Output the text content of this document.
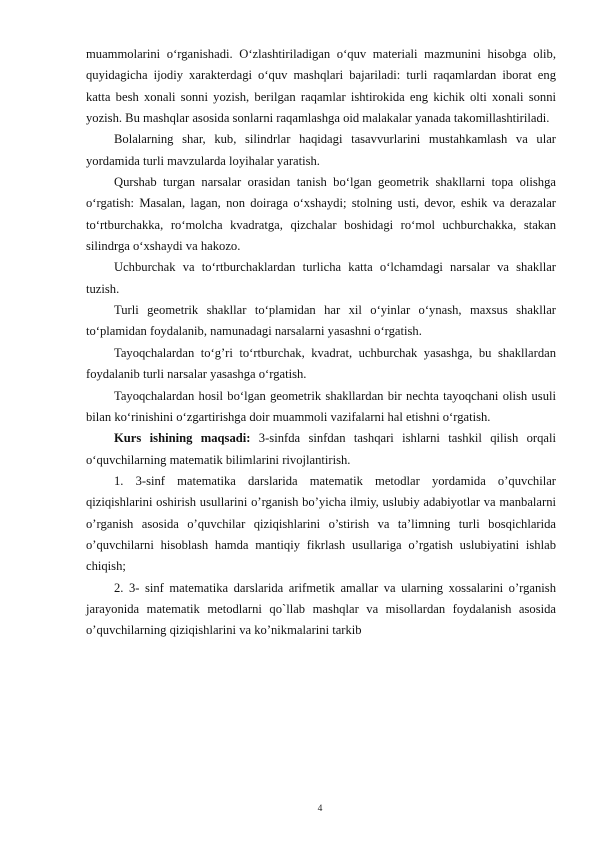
muammolarini o‘rganishadi. O‘zlashtiriladigan o‘quv materiali mazmunini hisobga olib, quyidagicha ijodiy xarakterdagi o‘quv mashqlari bajariladi: turli raqamlardan iborat eng katta besh xonali sonni yozish, berilgan raqamlar ishtirokida eng kichik olti xonali sonni yozish. Bu mashqlar asosida sonlarni raqamlashga oid malakalar yanada takomillashtiriladi.

Bolalarning shar, kub, silindrlar haqidagi tasavvurlarini mustahkamlash va ular yordamida turli mavzularda loyihalar yaratish.

Qurshab turgan narsalar orasidan tanish bo‘lgan geometrik shakllarni topa olishga o‘rgatish: Masalan, lagan, non doiraga o‘xshaydi; stolning usti, devor, eshik va derazalar to‘rtburchakka, ro‘molcha kvadratga, qizchalar boshidagi ro‘mol uchburchakka, stakan silindrga o‘xshaydi va hakozo.

Uchburchak va to‘rtburchaklardan turlicha katta o‘lchamdagi narsalar va shakllar tuzish.

Turli geometrik shakllar to‘plamidan har xil o‘yinlar o‘ynash, maxsus shakllar to‘plamidan foydalanib, namunadagi narsalarni yasashni o‘rgatish.

Tayoqchalardan to‘g’ri to‘rtburchak, kvadrat, uchburchak yasashga, bu shakllardan foydalanib turli narsalar yasashga o‘rgatish.

Tayoqchalardan hosil bo‘lgan geometrik shakllardan bir nechta tayoqchani olish usuli bilan ko‘rinishini o‘zgartirishga doir muammoli vazifalarni hal etishni o‘rgatish.

Kurs ishining maqsadi: 3-sinfda sinfdan tashqari ishlarni tashkil qilish orqali o‘quvchilarning matematik bilimlarini rivojlantirish.

1. 3-sinf matematika darslarida matematik metodlar yordamida o’quvchilar qiziqishlarini oshirish usullarini o’rganish bo’yicha ilmiy, uslubiy adabiyotlar va manbalarni o’rganish asosida o’quvchilar qiziqishlarini o’stirish va ta’limning turli bosqichlarida o’quvchilarni hisoblash hamda mantiqiy fikrlash usullariga o’rgatish uslubiyatini ishlab chiqish;

2. 3- sinf matematika darslarida arifmetik amallar va ularning xossalarini o’rganish jarayonida matematik metodlarni qo`llab mashqlar va misollardan foydalanish asosida o’quvchilarning qiziqishlarini va ko’nikmalarini tarkib

4
